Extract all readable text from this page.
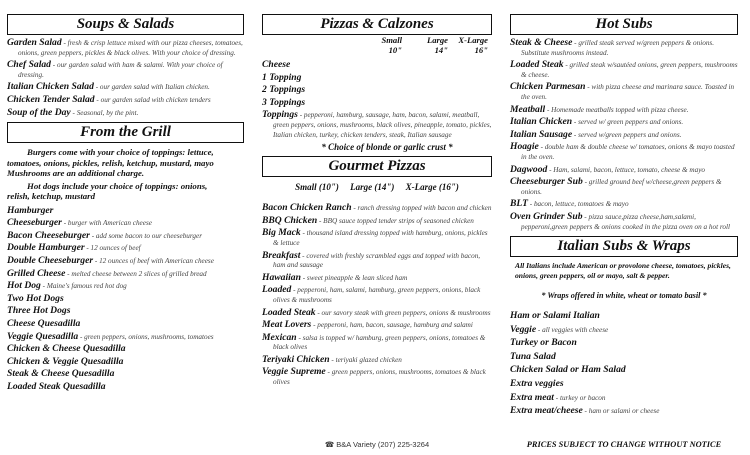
Soups & Salads
Garden Salad - fresh & crisp lettuce mixed with our pizza cheeses, tomatoes, onions, green peppers, pickles & black olives. With your choice of dressing.
Chef Salad - our garden salad with ham & salami. With your choice of dressing.
Italian Chicken Salad - our garden salad with Italian chicken.
Chicken Tender Salad - our garden salad with chicken tenders
Soup of the Day - Seasonal, by the pint.
From the Grill
Burgers come with your choice of toppings: lettuce, tomatoes, onions, pickles, relish, ketchup, mustard, mayo Mushrooms are an additional charge.
Hot dogs include your choice of toppings: onions, relish, ketchup, mustard
Hamburger
Cheeseburger - burger with American cheese
Bacon Cheeseburger - add some bacon to our cheeseburger
Double Hamburger - 12 ounces of beef
Double Cheeseburger - 12 ounces of beef with American cheese
Grilled Cheese - melted cheese between 2 slices of grilled bread
Hot Dog - Maine's famous red hot dog
Two Hot Dogs
Three Hot Dogs
Cheese Quesadilla
Veggie Quesadilla - green peppers, onions, mushrooms, tomatoes
Chicken & Cheese Quesadilla
Chicken & Veggie Quesadilla
Steak & Cheese Quesadilla
Loaded Steak Quesadilla
Pizzas & Calzones
Small
10"
Large
14"
X-Large
16"
Cheese
1 Topping
2 Toppings
3 Toppings
Toppings - pepperoni, hamburg, sausage, ham, bacon, salami, meatball, green peppers, onions, mushrooms, black olives, pineapple, tomato, pickles, Italian chicken, turkey, chicken tenders, steak, Italian sausage
* Choice of blonde or garlic crust *
Gourmet Pizzas
Small (10")     Large (14")     X-Large (16")
Bacon Chicken Ranch - ranch dressing topped with bacon and chicken
BBQ Chicken - BBQ sauce topped tender strips of seasoned chicken
Big Mack - thousand island dressing topped with hamburg, onions, pickles & lettuce
Breakfast - covered with freshly scrambled eggs and topped with bacon, ham and sausage
Hawaiian - sweet pineapple & lean sliced ham
Loaded - pepperoni, ham, salami, hamburg, green peppers, onions, black olives & mushrooms
Loaded Steak - our savory steak with green peppers, onions & mushrooms
Meat Lovers - pepperoni, ham, bacon, sausage, hamburg and salami
Mexican - salsa is topped w/ hamburg, green peppers, onions, tomatoes & black olives
Teriyaki Chicken - teriyaki glazed chicken
Veggie Supreme - green peppers, onions, mushrooms, tomatoes & black olives
☎ B&A Variety (207) 225-3264
Hot Subs
Steak & Cheese - grilled steak served w/green peppers & onions. Substitute mushrooms instead.
Loaded Steak - grilled steak w/sautéed onions, green peppers, mushrooms & cheese.
Chicken Parmesan - with pizza cheese and marinara sauce. Toasted in the oven.
Meatball - Homemade meatballs topped with pizza cheese.
Italian Chicken - served w/ green peppers and onions.
Italian Sausage - served w/green peppers and onions.
Hoagie - double ham & double cheese w/ tomatoes, onions & mayo toasted in the oven.
Dagwood - Ham, salami, bacon, lettuce, tomato, cheese & mayo
Cheeseburger Sub - grilled ground beef w/cheese,green peppers & onions.
BLT - bacon, lettuce, tomatoes & mayo
Oven Grinder Sub - pizza sauce,pizza cheese,ham,salami, pepperoni,green peppers & onions cooked in the pizza oven on a hot roll
Italian Subs & Wraps
All Italians include American or provolone cheese, tomatoes, pickles, onions, green peppers, oil or mayo, salt & pepper.
* Wraps offered in white, wheat or tomato basil *
Ham or Salami Italian
Veggie - all veggies with cheese
Turkey or Bacon
Tuna Salad
Chicken Salad or Ham Salad
Extra veggies
Extra meat - turkey or bacon
Extra meat/cheese - ham or salami or cheese
PRICES SUBJECT TO CHANGE WITHOUT NOTICE
